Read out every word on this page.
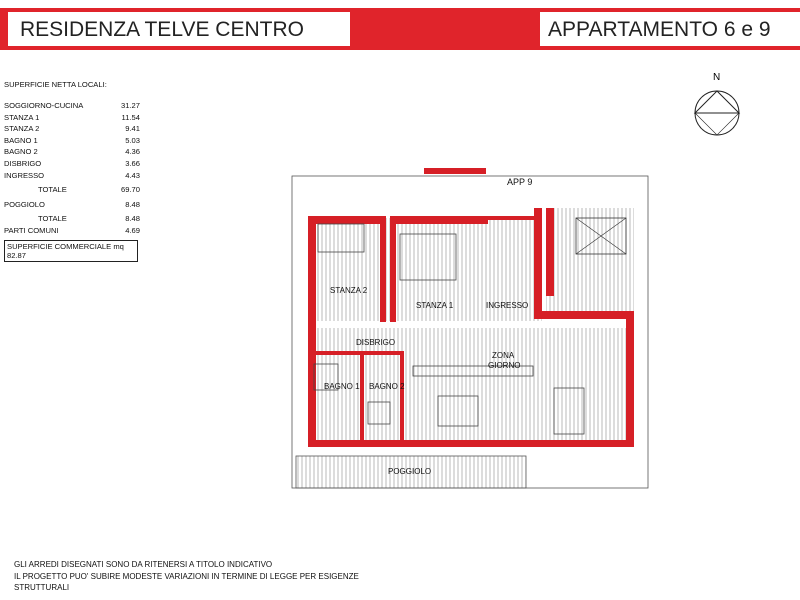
RESIDENZA TELVE CENTRO	APPARTAMENTO 6 e 9
SUPERFICIE NETTA LOCALI:
SOGGIORNO-CUCINA	31.27
STANZA 1	11.54
STANZA 2	9.41
BAGNO 1	5.03
BAGNO 2	4.36
DISBRIGO	3.66
INGRESSO	4.43
TOTALE	69.70
POGGIOLO	8.48
TOTALE	8.48
PARTI COMUNI	4.69
SUPERFICIE COMMERCIALE mq 82.87
N
APP 9
STANZA 2
STANZA 1	INGRESSO
DISBRIGO
ZONA
GIORNO
BAGNO 1 BAGNO 2
POGGIOLO
GLI ARREDI DISEGNATI SONO DA RITENERSI A TITOLO INDICATIVO
IL PROGETTO PUO' SUBIRE MODESTE VARIAZIONI IN TERMINE DI LEGGE PER ESIGENZE
STRUTTURALI
